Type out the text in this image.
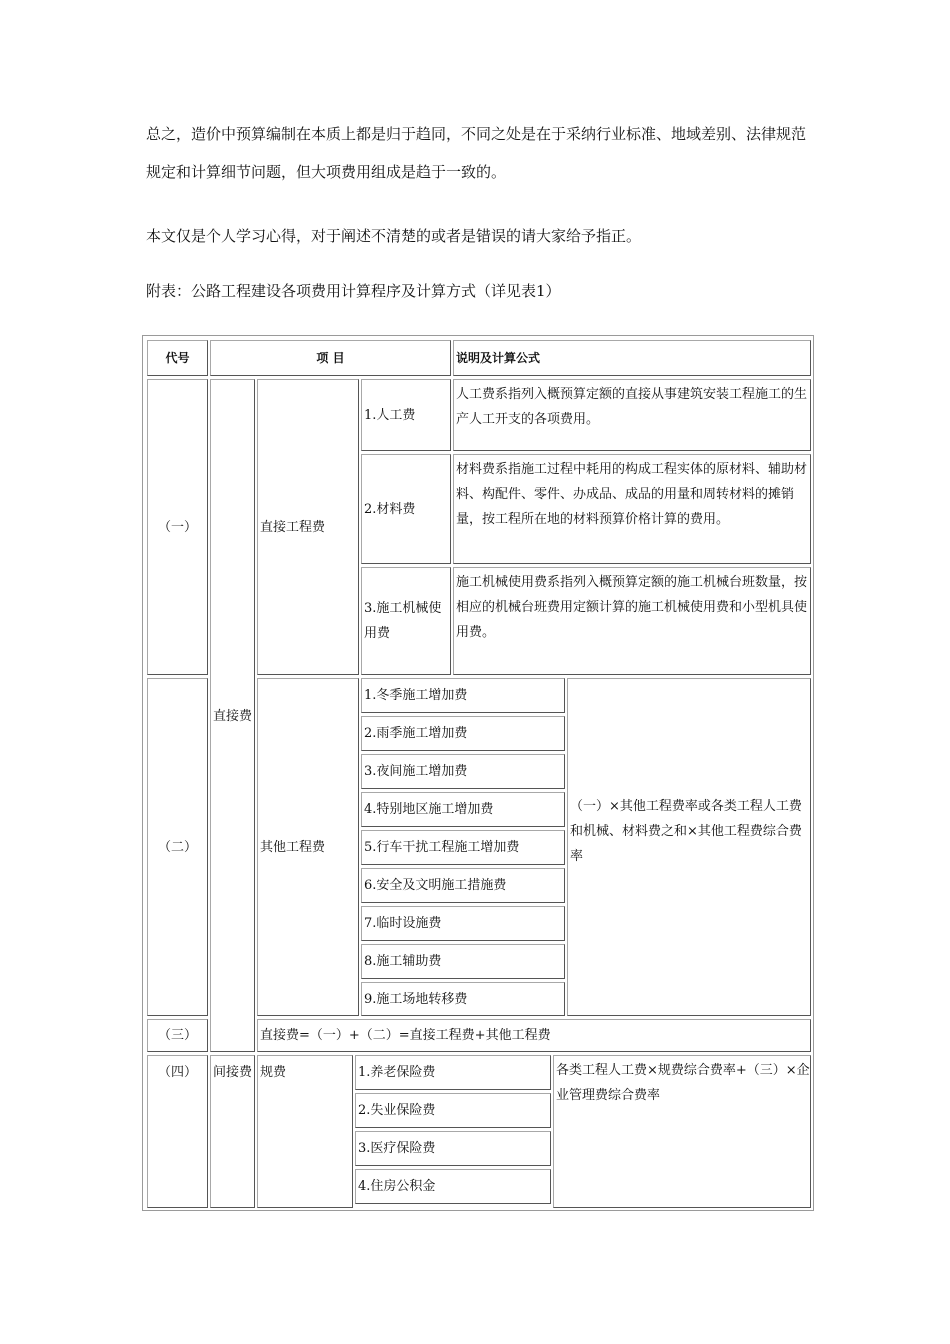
总之，造价中预算编制在本质上都是归于趋同，不同之处是在于采纳行业标准、地域差别、法律规范规定和计算细节问题，但大项费用组成是趋于一致的。

本文仅是个人学习心得，对于阐述不清楚的或者是错误的请大家给予指正。

附表：公路工程建设各项费用计算程序及计算方式（详见表1）

代号	项 目	说明及计算公式
（一）
（二）
（三）
（四）
直接费
间接费
直接工程费
其他工程费
直接费=（一）+（二）=直接工程费+其他工程费
规费
1.人工费
人工费系指列入概预算定额的直接从事建筑安装工程施工的生产人工开支的各项费用。
2.材料费
材料费系指施工过程中耗用的构成工程实体的原材料、辅助材料、构配件、零件、办成品、成品的用量和周转材料的摊销量，按工程所在地的材料预算价格计算的费用。
3.施工机械使用费
施工机械使用费系指列入概预算定额的施工机械台班数量，按相应的机械台班费用定额计算的施工机械使用费和小型机具使用费。
1.冬季施工增加费
2.雨季施工增加费
3.夜间施工增加费
4.特别地区施工增加费
5.行车干扰工程施工增加费
6.安全及文明施工措施费
7.临时设施费
8.施工辅助费
9.施工场地转移费
（一）×其他工程费率或各类工程人工费和机械、材料费之和×其他工程费综合费率
1.养老保险费
2.失业保险费
3.医疗保险费
4.住房公积金
各类工程人工费×规费综合费率+（三）×企业管理费综合费率
